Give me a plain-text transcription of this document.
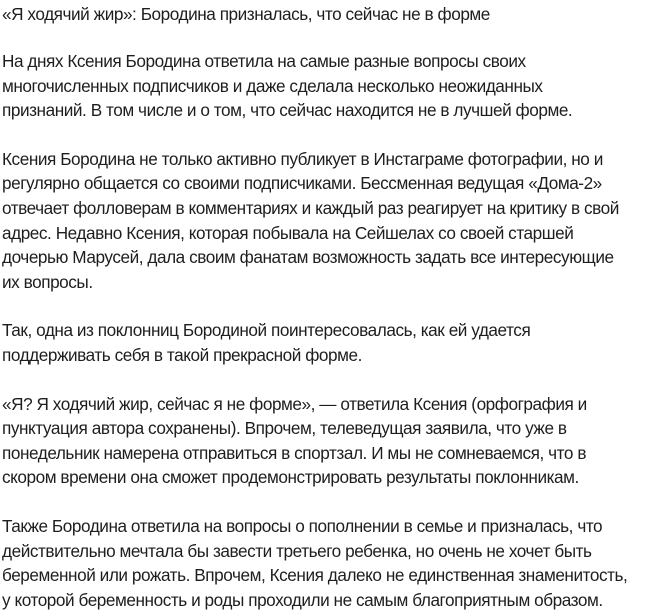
«Я ходячий жир»: Бородина призналась, что сейчас не в форме

На днях Ксения Бородина ответила на самые разные вопросы своих
многочисленных подписчиков и даже сделала несколько неожиданных
признаний. В том числе и о том, что сейчас находится не в лучшей форме.

Ксения Бородина не только активно публикует в Инстаграме фотографии, но и
регулярно общается со своими подписчиками. Бессменная ведущая «Дома-2»
отвечает фолловерам в комментариях и каждый раз реагирует на критику в свой
адрес. Недавно Ксения, которая побывала на Сейшелах со своей старшей
дочерью Марусей, дала своим фанатам возможность задать все интересующие
их вопросы.

Так, одна из поклонниц Бородиной поинтересовалась, как ей удается
поддерживать себя в такой прекрасной форме.

«Я? Я ходячий жир, сейчас я не форме», — ответила Ксения (орфография и
пунктуация автора сохранены). Впрочем, телеведущая заявила, что уже в
понедельник намерена отправиться в спортзал. И мы не сомневаемся, что в
скором времени она сможет продемонстрировать результаты поклонникам.

Также Бородина ответила на вопросы о пополнении в семье и призналась, что
действительно мечтала бы завести третьего ребенка, но очень не хочет быть
беременной или рожать. Впрочем, Ксения далеко не единственная знаменитость,
у которой беременность и роды проходили не самым благоприятным образом.
